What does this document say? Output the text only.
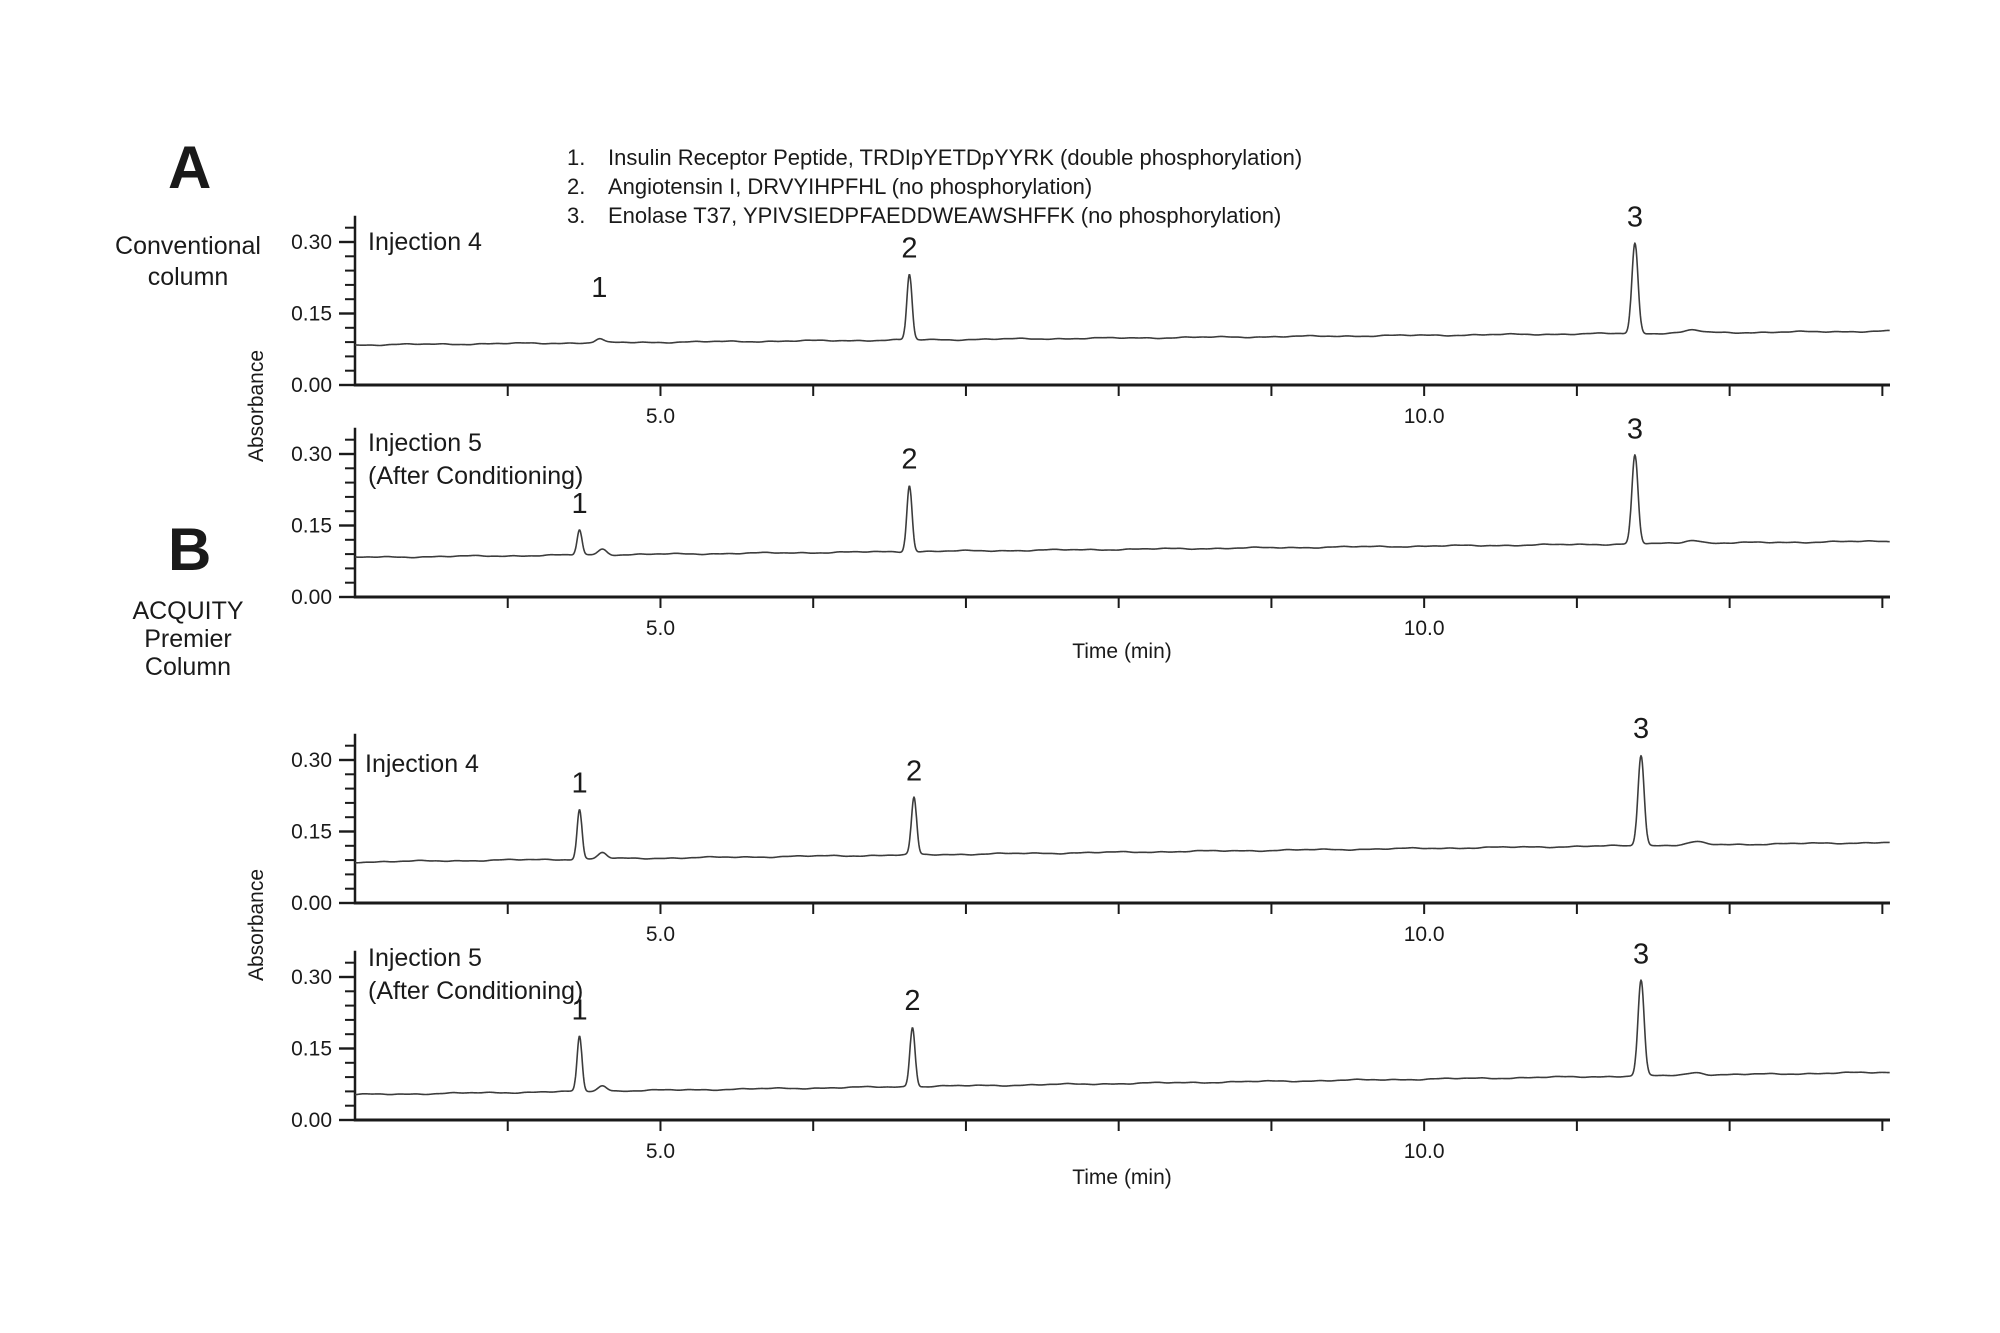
0.00
0.15
0.30
5.0	10.0
1
2
3
0.00
0.15
0.30
5.0	10.0
1
2
3
0.00
0.15
0.30
5.0	10.0
1	2
3
0.00
0.15
0.30
5.0	10.0
1	2
3
A
Conventional
column
Absorbance
Time (min)
1. Insulin Receptor Peptide, TRDIpYETDpYYRK (double phosphorylation)
2. Angiotensin I, DRVYIHPFHL (no phosphorylation)
3. Enolase T37, YPIVSIEDPFAEDDWEAWSHFFK (no phosphorylation)
Injection 4
Injection 5
(After Conditioning)
B
ACQUITY
Premier
Column
Absorbance
Time (min)
Injection 4
Injection 5
(After Conditioning)
